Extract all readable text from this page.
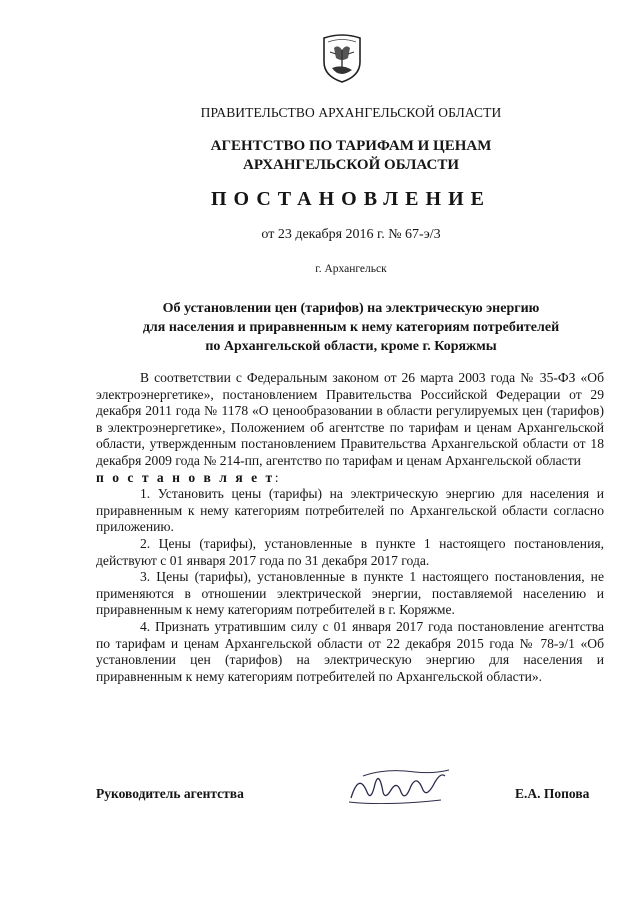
ПРАВИТЕЛЬСТВО АРХАНГЕЛЬСКОЙ ОБЛАСТИ
АГЕНТСТВО ПО ТАРИФАМ И ЦЕНАМ
АРХАНГЕЛЬСКОЙ ОБЛАСТИ
ПОСТАНОВЛЕНИЕ
от 23 декабря 2016 г. № 67-э/3
г. Архангельск
Об установлении цен (тарифов) на электрическую энергию
для населения и приравненным к нему категориям потребителей
по Архангельской области, кроме г. Коряжмы

В соответствии с Федеральным законом от 26 марта 2003 года № 35-ФЗ «Об электроэнергетике», постановлением Правительства Российской Федерации от 29 декабря 2011 года № 1178 «О ценообразовании в области регулируемых цен (тарифов) в электроэнергетике», Положением об агентстве по тарифам и ценам Архангельской области, утвержденным постановлением Правительства Архангельской области от 18 декабря 2009 года № 214-пп, агентство по тарифам и ценам Архангельской области

п о с т а н о в л я е т:

1. Установить цены (тарифы) на электрическую энергию для населения и приравненным к нему категориям потребителей по Архангельской области согласно приложению.

2. Цены (тарифы), установленные в пункте 1 настоящего постановления, действуют с 01 января 2017 года по 31 декабря 2017 года.

3. Цены (тарифы), установленные в пункте 1 настоящего постановления, не применяются в отношении электрической энергии, поставляемой населению и приравненным к нему категориям потребителей в г. Коряжме.

4. Признать утратившим силу с 01 января 2017 года постановление агентства по тарифам и ценам Архангельской области от 22 декабря 2015 года № 78-э/1 «Об установлении цен (тарифов) на электрическую энергию для населения и приравненным к нему категориям потребителей по Архангельской области».

Руководитель агентства	Е.А. Попова
